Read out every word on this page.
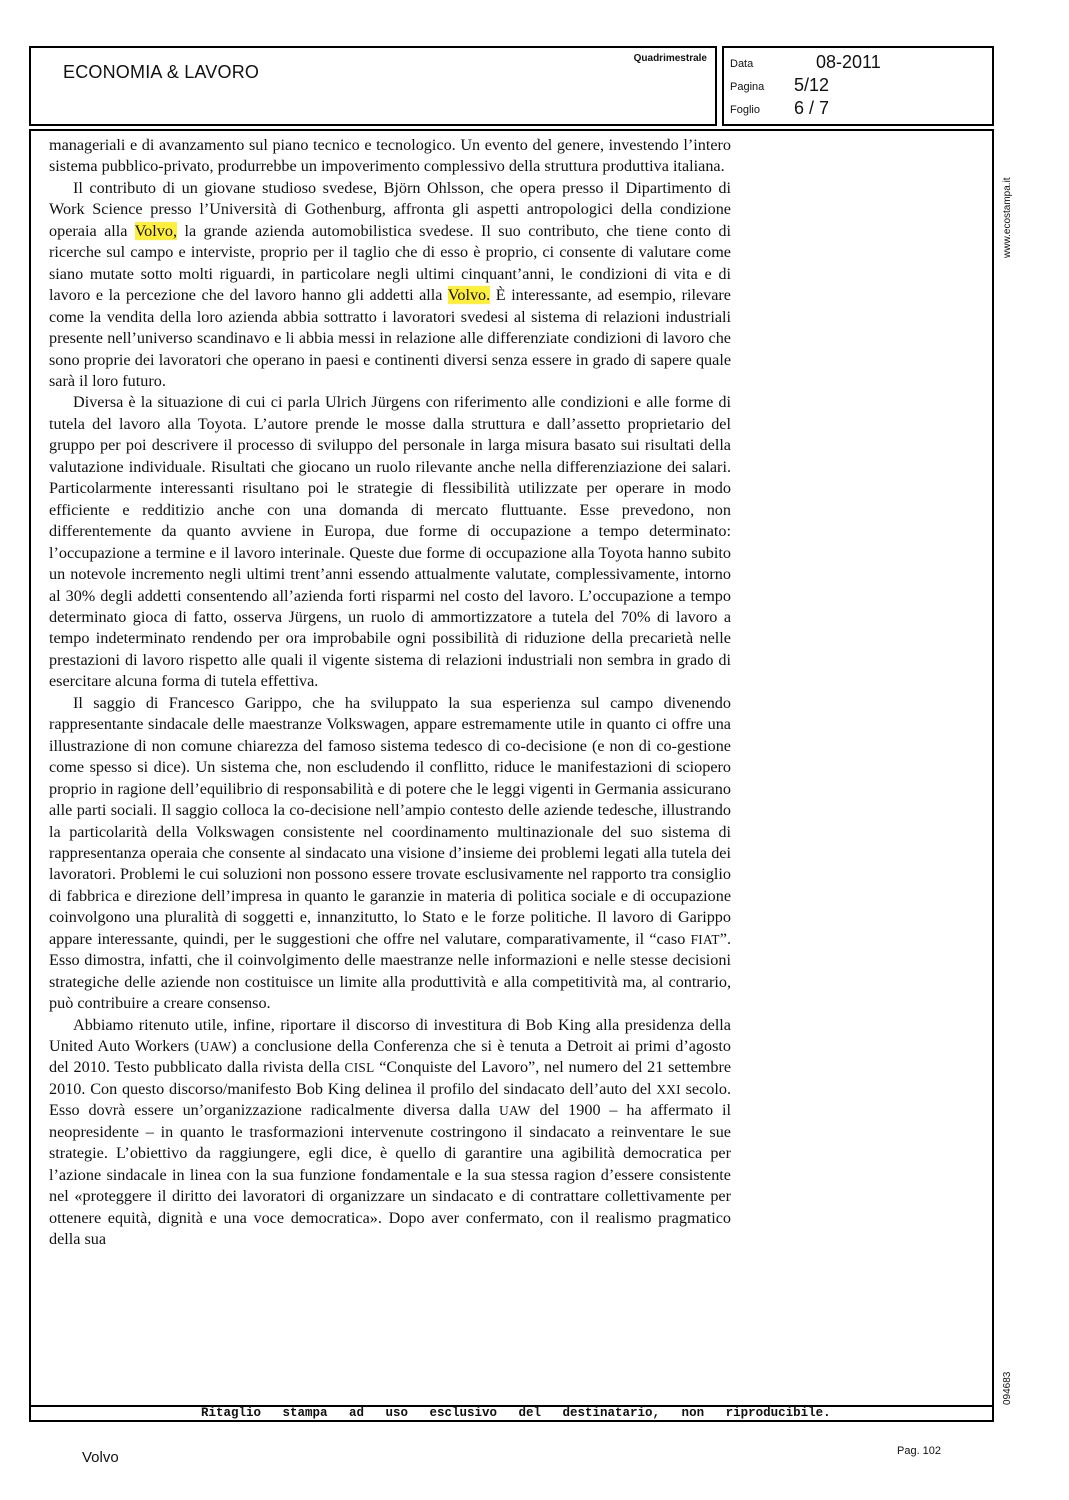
ECONOMIA & LAVORO
Quadrimestrale Data	08-2011
Pagina 5/12
Foglio 6 / 7

manageriali e di avanzamento sul piano tecnico e tecnologico. Un evento del genere, investendo l’intero sistema pubblico-privato, produrrebbe un impoverimento complessivo della struttura produttiva italiana.

Il contributo di un giovane studioso svedese, Björn Ohlsson, che opera presso il Dipartimento di Work Science presso l’Università di Gothenburg, affronta gli aspetti antropologici della condizione operaia alla Volvo, la grande azienda automobilistica svedese. Il suo contributo, che tiene conto di ricerche sul campo e interviste, proprio per il taglio che di esso è proprio, ci consente di valutare come siano mutate sotto molti riguardi, in particolare negli ultimi cinquant’anni, le condizioni di vita e di lavoro e la percezione che del lavoro hanno gli addetti alla Volvo. È interessante, ad esempio, rilevare come la vendita della loro azienda abbia sottratto i lavoratori svedesi al sistema di relazioni industriali presente nell’universo scandinavo e li abbia messi in relazione alle differenziate condizioni di lavoro che sono proprie dei lavoratori che operano in paesi e continenti diversi senza essere in grado di sapere quale sarà il loro futuro.

Diversa è la situazione di cui ci parla Ulrich Jürgens con riferimento alle condizioni e alle forme di tutela del lavoro alla Toyota. L’autore prende le mosse dalla struttura e dall’assetto proprietario del gruppo per poi descrivere il processo di sviluppo del personale in larga misura basato sui risultati della valutazione individuale. Risultati che giocano un ruolo rilevante anche nella differenziazione dei salari. Particolarmente interessanti risultano poi le strategie di flessibilità utilizzate per operare in modo efficiente e redditizio anche con una domanda di mercato fluttuante. Esse prevedono, non differentemente da quanto avviene in Europa, due forme di occupazione a tempo determinato: l’occupazione a termine e il lavoro interinale. Queste due forme di occupazione alla Toyota hanno subito un notevole incremento negli ultimi trent’anni essendo attualmente valutate, complessivamente, intorno al 30% degli addetti consentendo all’azienda forti risparmi nel costo del lavoro. L’occupazione a tempo determinato gioca di fatto, osserva Jürgens, un ruolo di ammortizzatore a tutela del 70% di lavoro a tempo indeterminato rendendo per ora improbabile ogni possibilità di riduzione della precarietà nelle prestazioni di lavoro rispetto alle quali il vigente sistema di relazioni industriali non sembra in grado di esercitare alcuna forma di tutela effettiva.

Il saggio di Francesco Garippo, che ha sviluppato la sua esperienza sul campo divenendo rappresentante sindacale delle maestranze Volkswagen, appare estremamente utile in quanto ci offre una illustrazione di non comune chiarezza del famoso sistema tedesco di co-decisione (e non di co-gestione come spesso si dice). Un sistema che, non escludendo il conflitto, riduce le manifestazioni di sciopero proprio in ragione dell’equilibrio di responsabilità e di potere che le leggi vigenti in Germania assicurano alle parti sociali. Il saggio colloca la co-decisione nell’ampio contesto delle aziende tedesche, illustrando la particolarità della Volkswagen consistente nel coordinamento multinazionale del suo sistema di rappresentanza operaia che consente al sindacato una visione d’insieme dei problemi legati alla tutela dei lavoratori. Problemi le cui soluzioni non possono essere trovate esclusivamente nel rapporto tra consiglio di fabbrica e direzione dell’impresa in quanto le garanzie in materia di politica sociale e di occupazione coinvolgono una pluralità di soggetti e, innanzitutto, lo Stato e le forze politiche. Il lavoro di Garippo appare interessante, quindi, per le suggestioni che offre nel valutare, comparativamente, il “caso FIAT”. Esso dimostra, infatti, che il coinvolgimento delle maestranze nelle informazioni e nelle stesse decisioni strategiche delle aziende non costituisce un limite alla produttività e alla competitività ma, al contrario, può contribuire a creare consenso.

Abbiamo ritenuto utile, infine, riportare il discorso di investitura di Bob King alla presidenza della United Auto Workers (UAW) a conclusione della Conferenza che si è tenuta a Detroit ai primi d’agosto del 2010. Testo pubblicato dalla rivista della CISL “Conquiste del Lavoro”, nel numero del 21 settembre 2010. Con questo discorso/manifesto Bob King delinea il profilo del sindacato dell’auto del XXI secolo. Esso dovrà essere un’organizzazione radicalmente diversa dalla UAW del 1900 – ha affermato il neopresidente – in quanto le trasformazioni intervenute costringono il sindacato a reinventare le sue strategie. L’obiettivo da raggiungere, egli dice, è quello di garantire una agibilità democratica per l’azione sindacale in linea con la sua funzione fondamentale e la sua stessa ragion d’essere consistente nel «proteggere il diritto dei lavoratori di organizzare un sindacato e di contrattare collettivamente per ottenere equità, dignità e una voce democratica». Dopo aver confermato, con il realismo pragmatico della sua

www.ecostampa.it
094683
Ritaglio stampa ad uso esclusivo del destinatario, non riproducibile.
Volvo	Pag. 102
